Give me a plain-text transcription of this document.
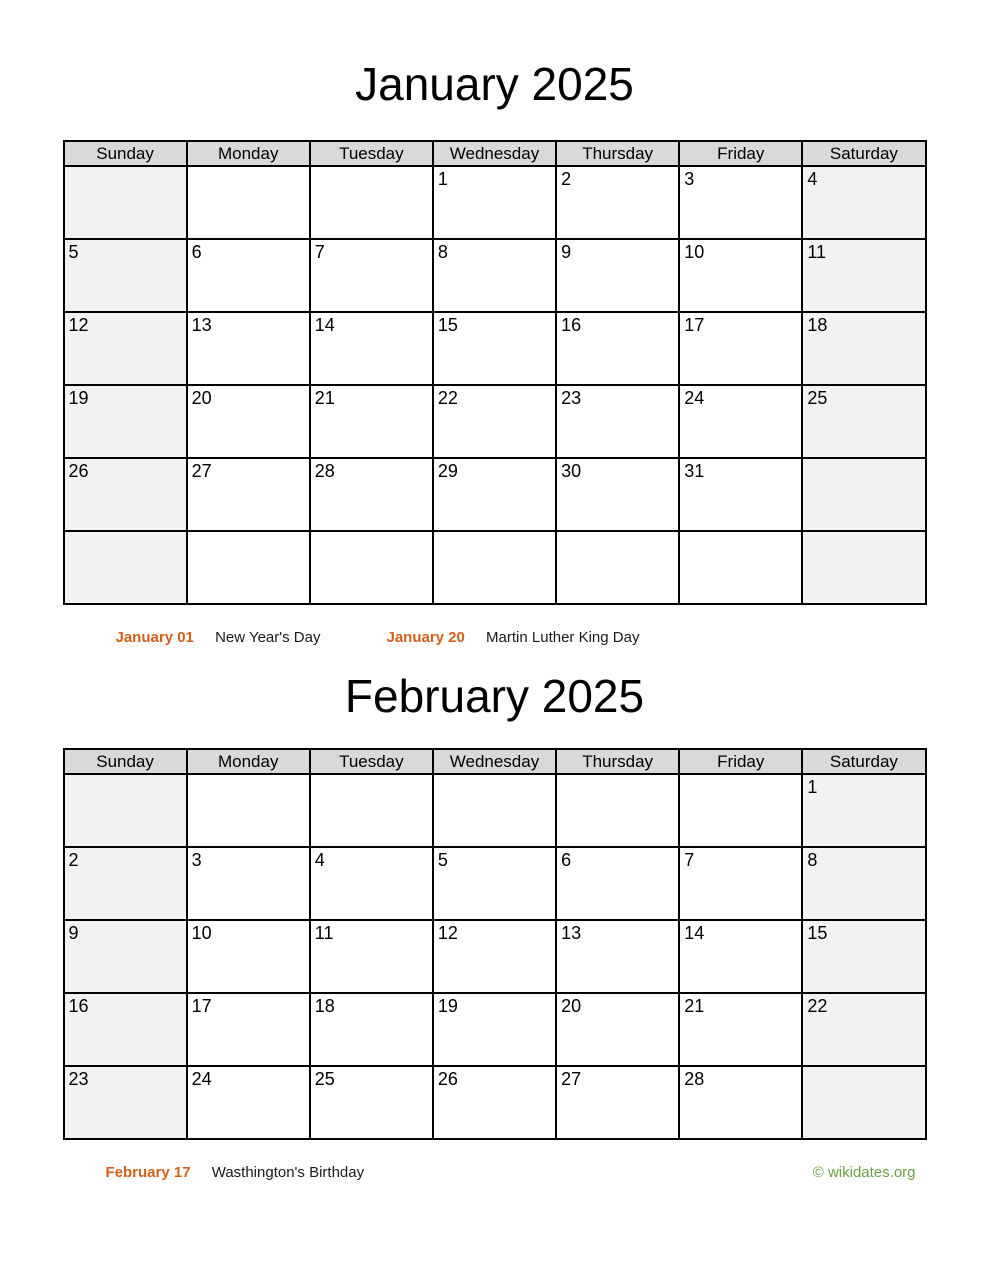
January 2025
Sunday	Monday	Tuesday	Wednesday	Thursday	Friday	Saturday
			1	2	3	4
5	6	7	8	9	10	11
12	13	14	15	16	17	18
19	20	21	22	23	24	25
26	27	28	29	30	31	

January 01 New Year's Day	January 20 Martin Luther King Day
February 2025
Sunday	Monday	Tuesday	Wednesday	Thursday	Friday	Saturday
						1
2	3	4	5	6	7	8
9	10	11	12	13	14	15
16	17	18	19	20	21	22
23	24	25	26	27	28	
February 17 Wasthington's Birthday	© wikidates.org
